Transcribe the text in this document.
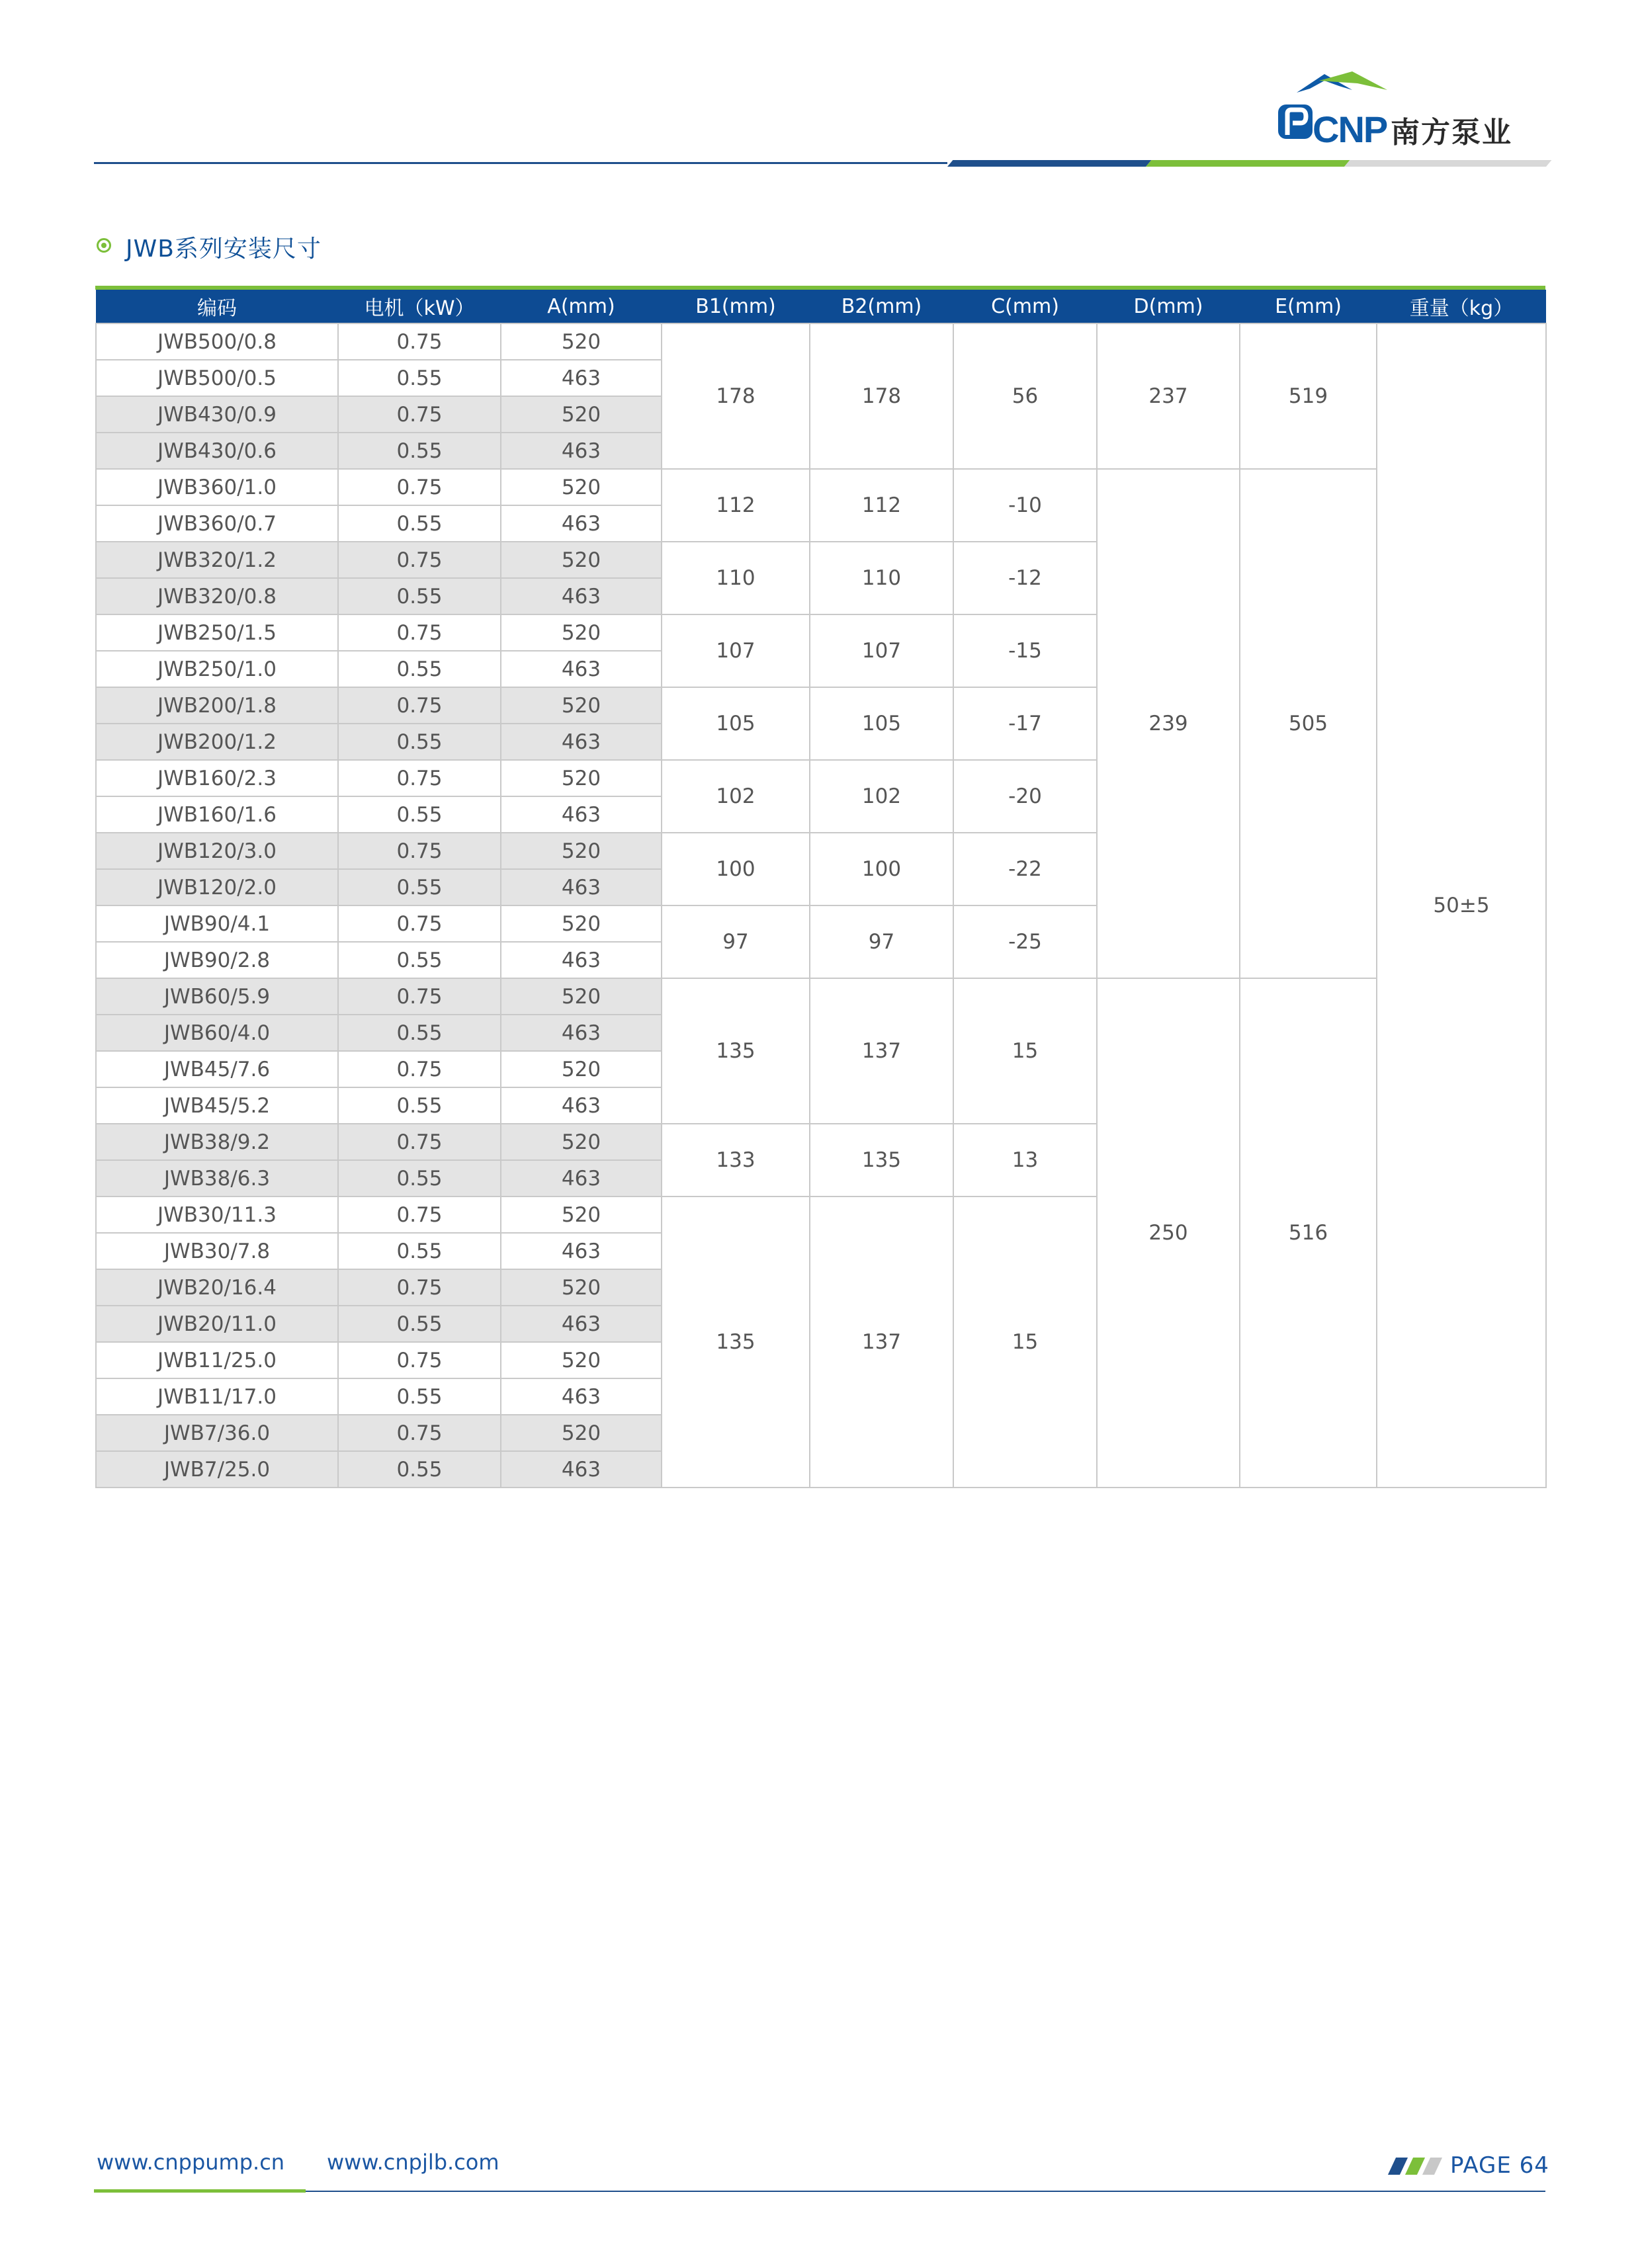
CNP 南方泵业
JWB系列安装尺寸
编码	电机（kW）	A(mm)	B1(mm)	B2(mm)	C(mm)	D(mm)	E(mm)	重量（kg）
JWB500/0.8	0.75	520	178	178	56	237	519	50±5
JWB500/0.5	0.55	463						
JWB430/0.9	0.75	520						
JWB430/0.6	0.55	463						
JWB360/1.0	0.75	520	112	112	-10	239	505	
JWB360/0.7	0.55	463						
JWB320/1.2	0.75	520	110	110	-12			
JWB320/0.8	0.55	463						
JWB250/1.5	0.75	520	107	107	-15			
JWB250/1.0	0.55	463						
JWB200/1.8	0.75	520	105	105	-17			
JWB200/1.2	0.55	463						
JWB160/2.3	0.75	520	102	102	-20			
JWB160/1.6	0.55	463						
JWB120/3.0	0.75	520	100	100	-22			
JWB120/2.0	0.55	463						
JWB90/4.1	0.75	520	97	97	-25			
JWB90/2.8	0.55	463						
JWB60/5.9	0.75	520	135	137	15	250	516	
JWB60/4.0	0.55	463						
JWB45/7.6	0.75	520						
JWB45/5.2	0.55	463						
JWB38/9.2	0.75	520	133	135	13			
JWB38/6.3	0.55	463						
JWB30/11.3	0.75	520	135	137	15			
JWB30/7.8	0.55	463						
JWB20/16.4	0.75	520						
JWB20/11.0	0.55	463						
JWB11/25.0	0.75	520						
JWB11/17.0	0.55	463						
JWB7/36.0	0.75	520						
JWB7/25.0	0.55	463						
www.cnppump.cn www.cnpjlb.com	PAGE 64
